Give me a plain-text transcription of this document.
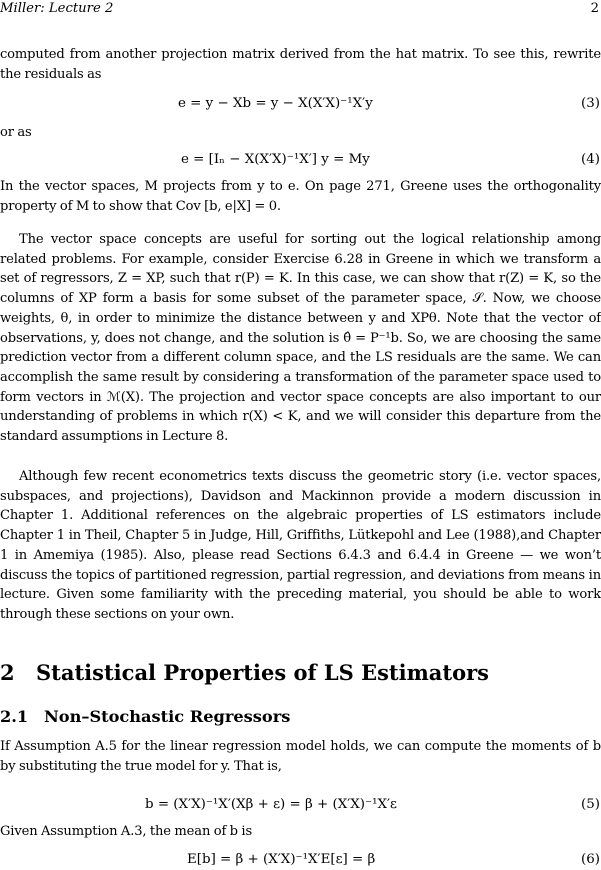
Miller: Lecture 2	2

computed from another projection matrix derived from the hat matrix. To see this, rewrite the residuals as

e = y − Xb = y − X(X′X)⁻¹X′y	(3)

or as

e = [Iₙ − X(X′X)⁻¹X′] y = My	(4)

In the vector spaces, M projects from y to e. On page 271, Greene uses the orthogonality property of M to show that Cov [b, e|X] = 0.

The vector space concepts are useful for sorting out the logical relationship among related problems. For example, consider Exercise 6.28 in Greene in which we transform a set of regressors, Z = XP, such that r(P) = K. In this case, we can show that r(Z) = K, so the columns of XP form a basis for some subset of the parameter space, 𝒮. Now, we choose weights, θ, in order to minimize the distance between y and XPθ. Note that the vector of observations, y, does not change, and the solution is θ̂ = P⁻¹b. So, we are choosing the same prediction vector from a different column space, and the LS residuals are the same. We can accomplish the same result by considering a transformation of the parameter space used to form vectors in ℳ(X). The projection and vector space concepts are also important to our understanding of problems in which r(X) < K, and we will consider this departure from the standard assumptions in Lecture 8.

Although few recent econometrics texts discuss the geometric story (i.e. vector spaces, subspaces, and projections), Davidson and Mackinnon provide a modern discussion in Chapter 1. Additional references on the algebraic properties of LS estimators include Chapter 1 in Theil, Chapter 5 in Judge, Hill, Griffiths, Lütkepohl and Lee (1988),and Chapter 1 in Amemiya (1985). Also, please read Sections 6.4.3 and 6.4.4 in Greene — we won’t discuss the topics of partitioned regression, partial regression, and deviations from means in lecture. Given some familiarity with the preceding material, you should be able to work through these sections on your own.

2 Statistical Properties of LS Estimators
2.1 Non–Stochastic Regressors

If Assumption A.5 for the linear regression model holds, we can compute the moments of b by substituting the true model for y. That is,

b = (X′X)⁻¹X′(Xβ + ε) = β + (X′X)⁻¹X′ε	(5)

Given Assumption A.3, the mean of b is

E[b] = β + (X′X)⁻¹X′E[ε] = β	(6)
